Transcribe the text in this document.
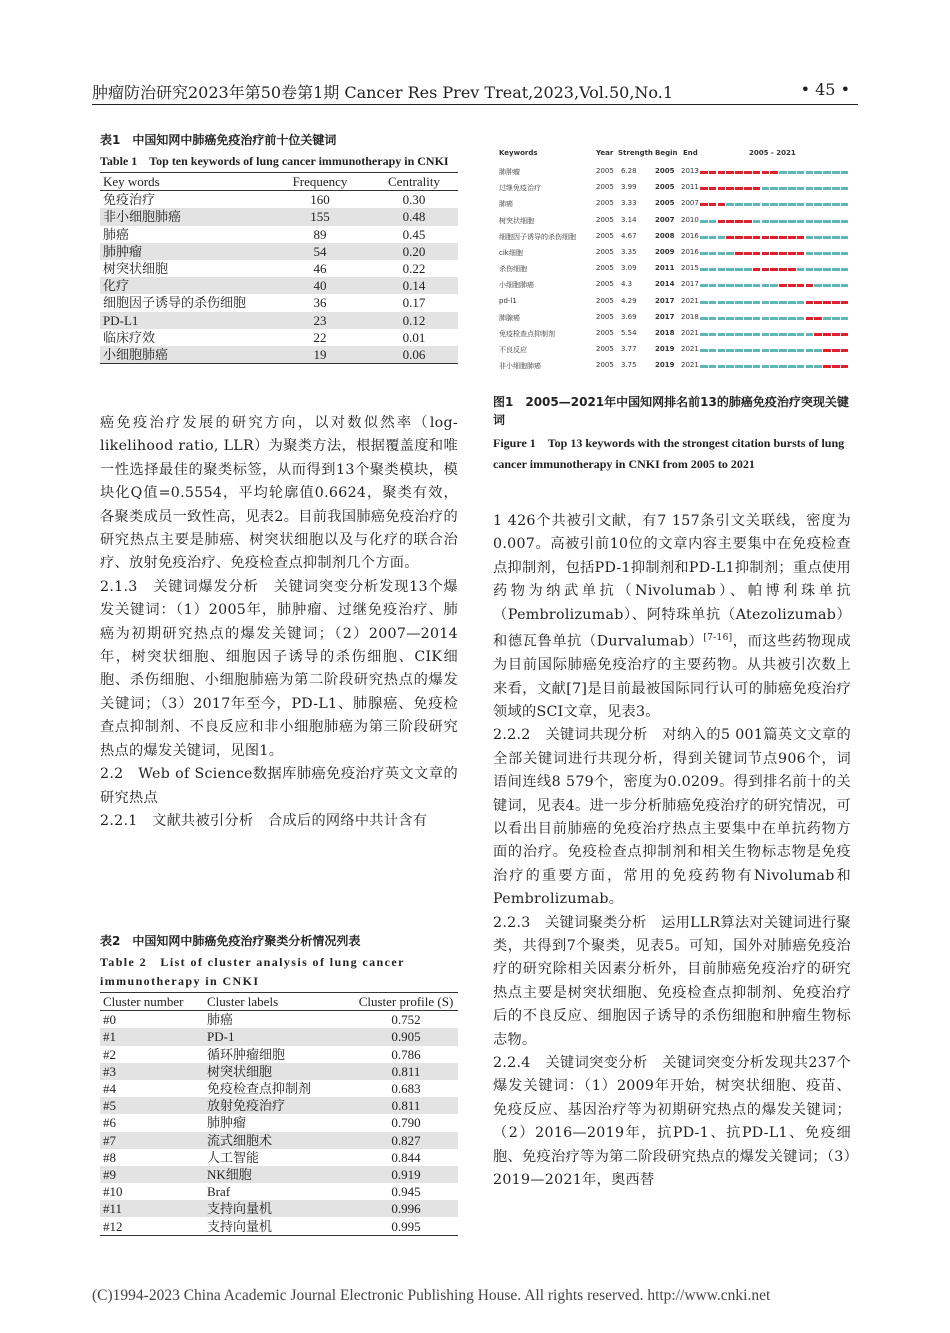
肿瘤防治研究2023年第50卷第1期 Cancer Res Prev Treat,2023,Vol.50,No.1	• 45 •
表1　中国知网中肺癌免疫治疗前十位关键词
Table 1　Top ten keywords of lung cancer immunotherapy in CNKI
Key words	Frequency	Centrality
免疫治疗	160	0.30
非小细胞肺癌	155	0.48
肺癌	89	0.45
肺肿瘤	54	0.20
树突状细胞	46	0.22
化疗	40	0.14
细胞因子诱导的杀伤细胞	36	0.17
PD-L1	23	0.12
临床疗效	22	0.01
小细胞肺癌	19	0.06

癌免疫治疗发展的研究方向，以对数似然率（log-likelihood ratio, LLR）为聚类方法，根据覆盖度和唯一性选择最佳的聚类标签，从而得到13个聚类模块，模块化Q值=0.5554，平均轮廓值0.6624，聚类有效，各聚类成员一致性高，见表2。目前我国肺癌免疫治疗的研究热点主要是肺癌、树突状细胞以及与化疗的联合治疗、放射免疫治疗、免疫检查点抑制剂几个方面。

2.1.3　关键词爆发分析　关键词突变分析发现13个爆发关键词：（1）2005年，肺肿瘤、过继免疫治疗、肺癌为初期研究热点的爆发关键词；（2）2007—2014年，树突状细胞、细胞因子诱导的杀伤细胞、CIK细胞、杀伤细胞、小细胞肺癌为第二阶段研究热点的爆发关键词；（3）2017年至今，PD-L1、肺腺癌、免疫检查点抑制剂、不良反应和非小细胞肺癌为第三阶段研究热点的爆发关键词，见图1。

2.2　Web of Science数据库肺癌免疫治疗英文文章的研究热点

2.2.1　文献共被引分析　合成后的网络中共计含有

表2　中国知网中肺癌免疫治疗聚类分析情况列表
Table 2　List of cluster analysis of lung cancer immunotherapy in CNKI
Cluster number	Cluster labels	Cluster profile (S)
#0	肺癌	0.752
#1	PD-1	0.905
#2	循环肿瘤细胞	0.786
#3	树突状细胞	0.811
#4	免疫检查点抑制剂	0.683
#5	放射免疫治疗	0.811
#6	肺肿瘤	0.790
#7	流式细胞术	0.827
#8	人工智能	0.844
#9	NK细胞	0.919
#10	Braf	0.945
#11	支持向量机	0.996
#12	支持向量机	0.995
Keywords	Year Strength Begin End	2005 - 2021
肺肿瘤	2005 6.28	2005 2013
过继免疫治疗	2005 3.99	2005 2011
肺癌	2005 3.33	2005 2007
树突状细胞	2005 3.14	2007 2010
细胞因子诱导的杀伤细胞	2005 4.67	2008 2016
cik细胞	2005 3.35	2009 2016
杀伤细胞	2005 3.09	2011 2015
小细胞肺癌	2005 4.3	2014 2017
pd-l1	2005 4.29	2017 2021
肺腺癌	2005 3.69	2017 2018
免疫检查点抑制剂	2005 5.54	2018 2021
不良反应	2005 3.77	2019 2021
非小细胞肺癌	2005 3.75	2019 2021
图1　2005—2021年中国知网排名前13的肺癌免疫治疗突现关键词
Figure 1　Top 13 keywords with the strongest citation bursts of lung cancer immunotherapy in CNKI from 2005 to 2021

1 426个共被引文献，有7 157条引文关联线，密度为0.007。高被引前10位的文章内容主要集中在免疫检查点抑制剂，包括PD-1抑制剂和PD-L1抑制剂；重点使用药物为纳武单抗（Nivolumab）、帕博利珠单抗（Pembrolizumab）、阿特珠单抗（Atezolizumab）和德瓦鲁单抗（Durvalumab）[7-16]，而这些药物现成为目前国际肺癌免疫治疗的主要药物。从共被引次数上来看，文献[7]是目前最被国际同行认可的肺癌免疫治疗领域的SCI文章，见表3。

2.2.2　关键词共现分析　对纳入的5 001篇英文文章的全部关键词进行共现分析，得到关键词节点906个，词语间连线8 579个，密度为0.0209。得到排名前十的关键词，见表4。进一步分析肺癌免疫治疗的研究情况，可以看出目前肺癌的免疫治疗热点主要集中在单抗药物方面的治疗。免疫检查点抑制剂和相关生物标志物是免疫治疗的重要方面，常用的免疫药物有Nivolumab和Pembrolizumab。

2.2.3　关键词聚类分析　运用LLR算法对关键词进行聚类，共得到7个聚类，见表5。可知，国外对肺癌免疫治疗的研究除相关因素分析外，目前肺癌免疫治疗的研究热点主要是树突状细胞、免疫检查点抑制剂、免疫治疗后的不良反应、细胞因子诱导的杀伤细胞和肿瘤生物标志物。

2.2.4　关键词突变分析　关键词突变分析发现共237个爆发关键词：（1）2009年开始，树突状细胞、疫苗、免疫反应、基因治疗等为初期研究热点的爆发关键词；（2）2016—2019年，抗PD-1、抗PD-L1、免疫细胞、免疫治疗等为第二阶段研究热点的爆发关键词；（3）2019—2021年，奥西替

(C)1994-2023 China Academic Journal Electronic Publishing House. All rights reserved. http://www.cnki.net
